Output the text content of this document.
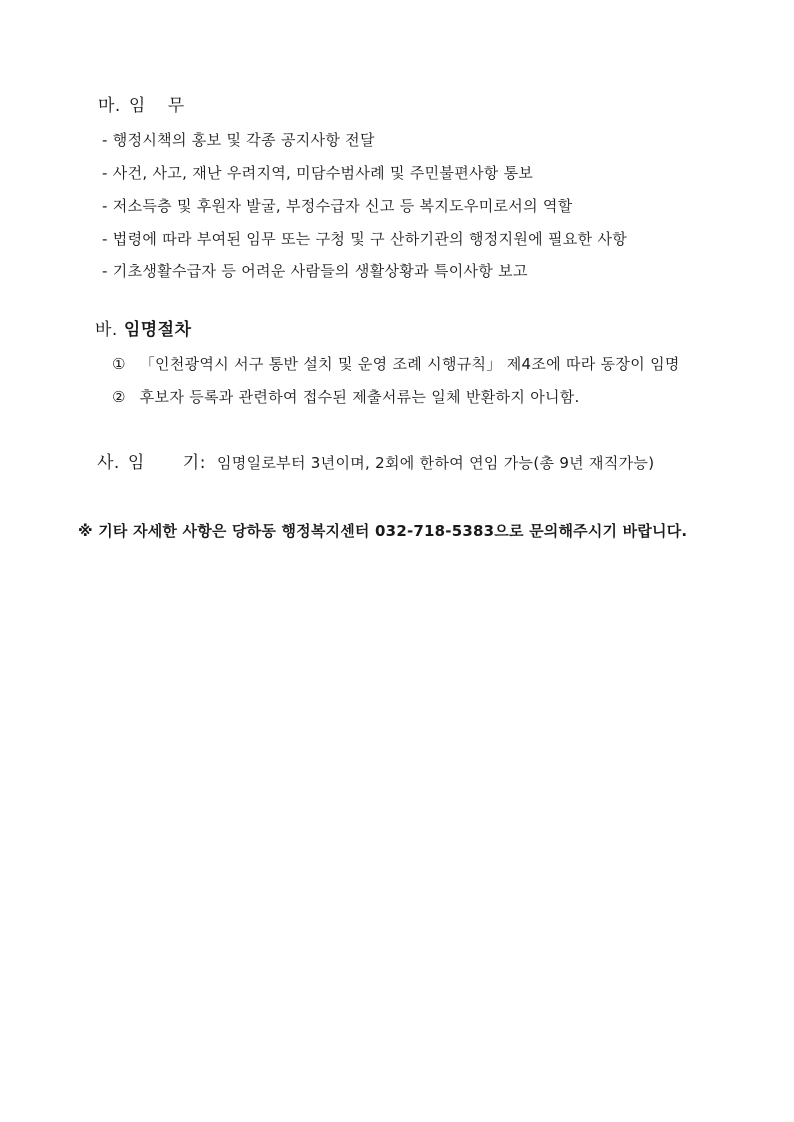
마. 임 무
- 행정시책의 홍보 및 각종 공지사항 전달
- 사건, 사고, 재난 우려지역, 미담수범사례 및 주민불편사항 통보
- 저소득층 및 후원자 발굴, 부정수급자 신고 등 복지도우미로서의 역할
- 법령에 따라 부여된 임무 또는 구청 및 구 산하기관의 행정지원에 필요한 사항
- 기초생활수급자 등 어려운 사람들의 생활상황과 특이사항 보고
바. 임명절차
① 「인천광역시 서구 통반 설치 및 운영 조례 시행규칙」 제4조에 따라 동장이 임명
② 후보자 등록과 관련하여 접수된 제출서류는 일체 반환하지 아니함.
사. 임 기: 임명일로부터 3년이며, 2회에 한하여 연임 가능(총 9년 재직가능)
※ 기타 자세한 사항은 당하동 행정복지센터 032-718-5383으로 문의해주시기 바랍니다.
